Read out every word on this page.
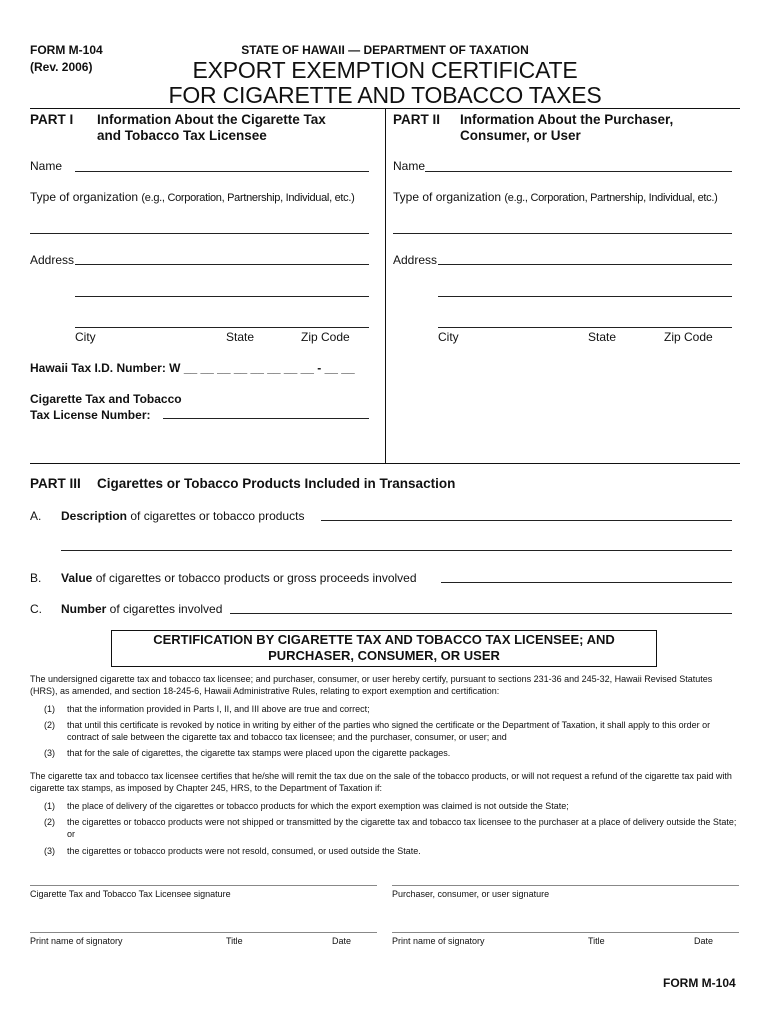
FORM M-104
(Rev. 2006)
STATE OF HAWAII — DEPARTMENT OF TAXATION
EXPORT EXEMPTION CERTIFICATE
FOR CIGARETTE AND TOBACCO TAXES
PART I Information About the Cigarette Tax
and Tobacco Tax Licensee
Name
Type of organization (e.g., Corporation, Partnership, Individual, etc.)
Address
City	State	Zip Code
Hawaii Tax I.D. Number: W __ __ __ __ __ __ __ __ - __ __
Cigarette Tax and Tobacco
Tax License Number:
PART II Information About the Purchaser,
Consumer, or User
Name
Type of organization (e.g., Corporation, Partnership, Individual, etc.)
Address
City	State	Zip Code
PART III Cigarettes or Tobacco Products Included in Transaction
A. Description of cigarettes or tobacco products
B. Value of cigarettes or tobacco products or gross proceeds involved
C. Number of cigarettes involved
CERTIFICATION BY CIGARETTE TAX AND TOBACCO TAX LICENSEE; AND
PURCHASER, CONSUMER, OR USER
The undersigned cigarette tax and tobacco tax licensee; and purchaser, consumer, or user hereby certify, pursuant to sections 231-36 and 245-32, Hawaii Revised Statutes (HRS), as amended, and section 18-245-6, Hawaii Administrative Rules, relating to export exemption and certification:
(1) that the information provided in Parts I, II, and III above are true and correct;
(2) that until this certificate is revoked by notice in writing by either of the parties who signed the certificate or the Department of Taxation, it shall apply to this order or contract of sale between the cigarette tax and tobacco tax licensee; and the purchaser, consumer, or user; and
(3) that for the sale of cigarettes, the cigarette tax stamps were placed upon the cigarette packages.
The cigarette tax and tobacco tax licensee certifies that he/she will remit the tax due on the sale of the tobacco products, or will not request a refund of the cigarette tax paid with cigarette tax stamps, as imposed by Chapter 245, HRS, to the Department of Taxation if:
(1) the place of delivery of the cigarettes or tobacco products for which the export exemption was claimed is not outside the State;
(2) the cigarettes or tobacco products were not shipped or transmitted by the cigarette tax and tobacco tax licensee to the purchaser at a place of delivery outside the State; or
(3) the cigarettes or tobacco products were not resold, consumed, or used outside the State.
Cigarette Tax and Tobacco Tax Licensee signature	Purchaser, consumer, or user signature
Print name of signatory	Title	Date	Print name of signatory	Title	Date
FORM M-104
